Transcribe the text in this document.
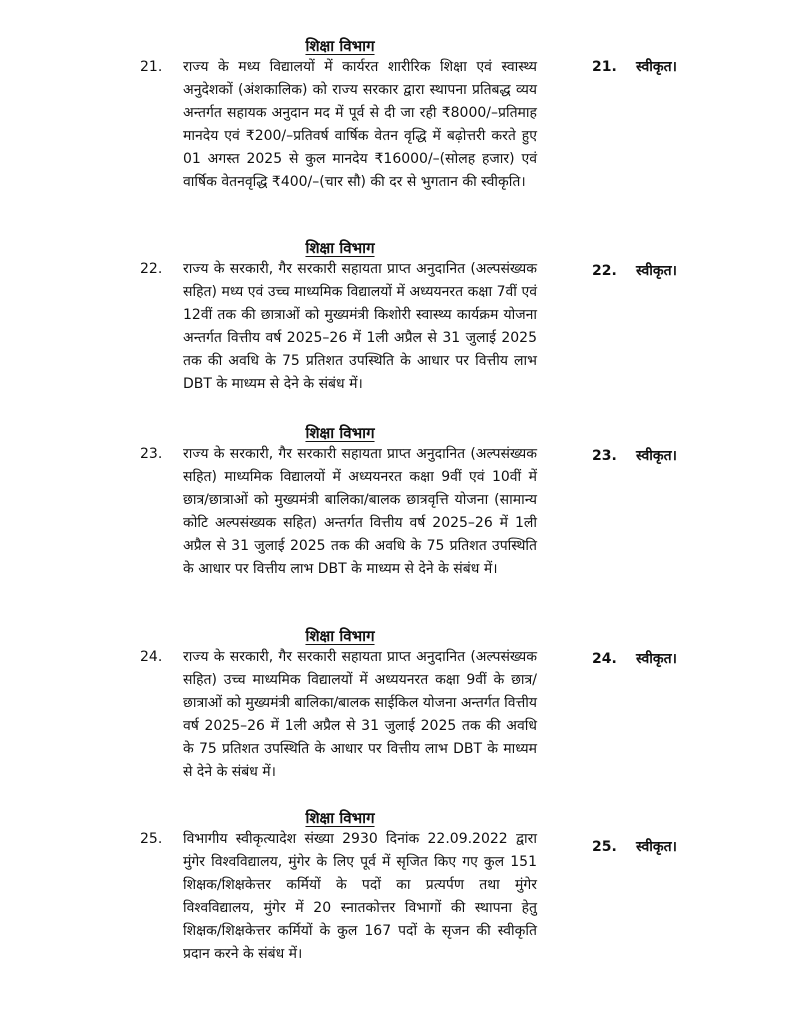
शिक्षा विभाग
21. राज्य के मध्य विद्यालयों में कार्यरत शारीरिक शिक्षा एवं स्वास्थ्य अनुदेशकों (अंशकालिक) को राज्य सरकार द्वारा स्थापना प्रतिबद्ध व्यय अन्तर्गत सहायक अनुदान मद में पूर्व से दी जा रही ₹8000/–प्रतिमाह मानदेय एवं ₹200/–प्रतिवर्ष वार्षिक वेतन वृद्धि में बढ़ोत्तरी करते हुए 01 अगस्त 2025 से कुल मानदेय ₹16000/–(सोलह हजार) एवं वार्षिक वेतनवृद्धि ₹400/–(चार सौ) की दर से भुगतान की स्वीकृति।
21. स्वीकृत।
शिक्षा विभाग
22. राज्य के सरकारी, गैर सरकारी सहायता प्राप्त अनुदानित (अल्पसंख्यक सहित) मध्य एवं उच्च माध्यमिक विद्यालयों में अध्ययनरत कक्षा 7वीं एवं 12वीं तक की छात्राओं को मुख्यमंत्री किशोरी स्वास्थ्य कार्यक्रम योजना अन्तर्गत वित्तीय वर्ष 2025–26 में 1ली अप्रैल से 31 जुलाई 2025 तक की अवधि के 75 प्रतिशत उपस्थिति के आधार पर वित्तीय लाभ DBT के माध्यम से देने के संबंध में।
22. स्वीकृत।
शिक्षा विभाग
23. राज्य के सरकारी, गैर सरकारी सहायता प्राप्त अनुदानित (अल्पसंख्यक सहित) माध्यमिक विद्यालयों में अध्ययनरत कक्षा 9वीं एवं 10वीं में छात्र/छात्राओं को मुख्यमंत्री बालिका/बालक छात्रवृत्ति योजना (सामान्य कोटि अल्पसंख्यक सहित) अन्तर्गत वित्तीय वर्ष 2025–26 में 1ली अप्रैल से 31 जुलाई 2025 तक की अवधि के 75 प्रतिशत उपस्थिति के आधार पर वित्तीय लाभ DBT के माध्यम से देने के संबंध में।
23. स्वीकृत।
शिक्षा विभाग
24. राज्य के सरकारी, गैर सरकारी सहायता प्राप्त अनुदानित (अल्पसंख्यक सहित) उच्च माध्यमिक विद्यालयों में अध्ययनरत कक्षा 9वीं के छात्र/छात्राओं को मुख्यमंत्री बालिका/बालक साईकिल योजना अन्तर्गत वित्तीय वर्ष 2025–26 में 1ली अप्रैल से 31 जुलाई 2025 तक की अवधि के 75 प्रतिशत उपस्थिति के आधार पर वित्तीय लाभ DBT के माध्यम से देने के संबंध में।
24. स्वीकृत।
शिक्षा विभाग
25. विभागीय स्वीकृत्यादेश संख्या 2930 दिनांक 22.09.2022 द्वारा मुंगेर विश्वविद्यालय, मुंगेर के लिए पूर्व में सृजित किए गए कुल 151 शिक्षक/शिक्षकेत्तर कर्मियों के पदों का प्रत्यर्पण तथा मुंगेर विश्वविद्यालय, मुंगेर में 20 स्नातकोत्तर विभागों की स्थापना हेतु शिक्षक/शिक्षकेत्तर कर्मियों के कुल 167 पदों के सृजन की स्वीकृति प्रदान करने के संबंध में।
25. स्वीकृत।
